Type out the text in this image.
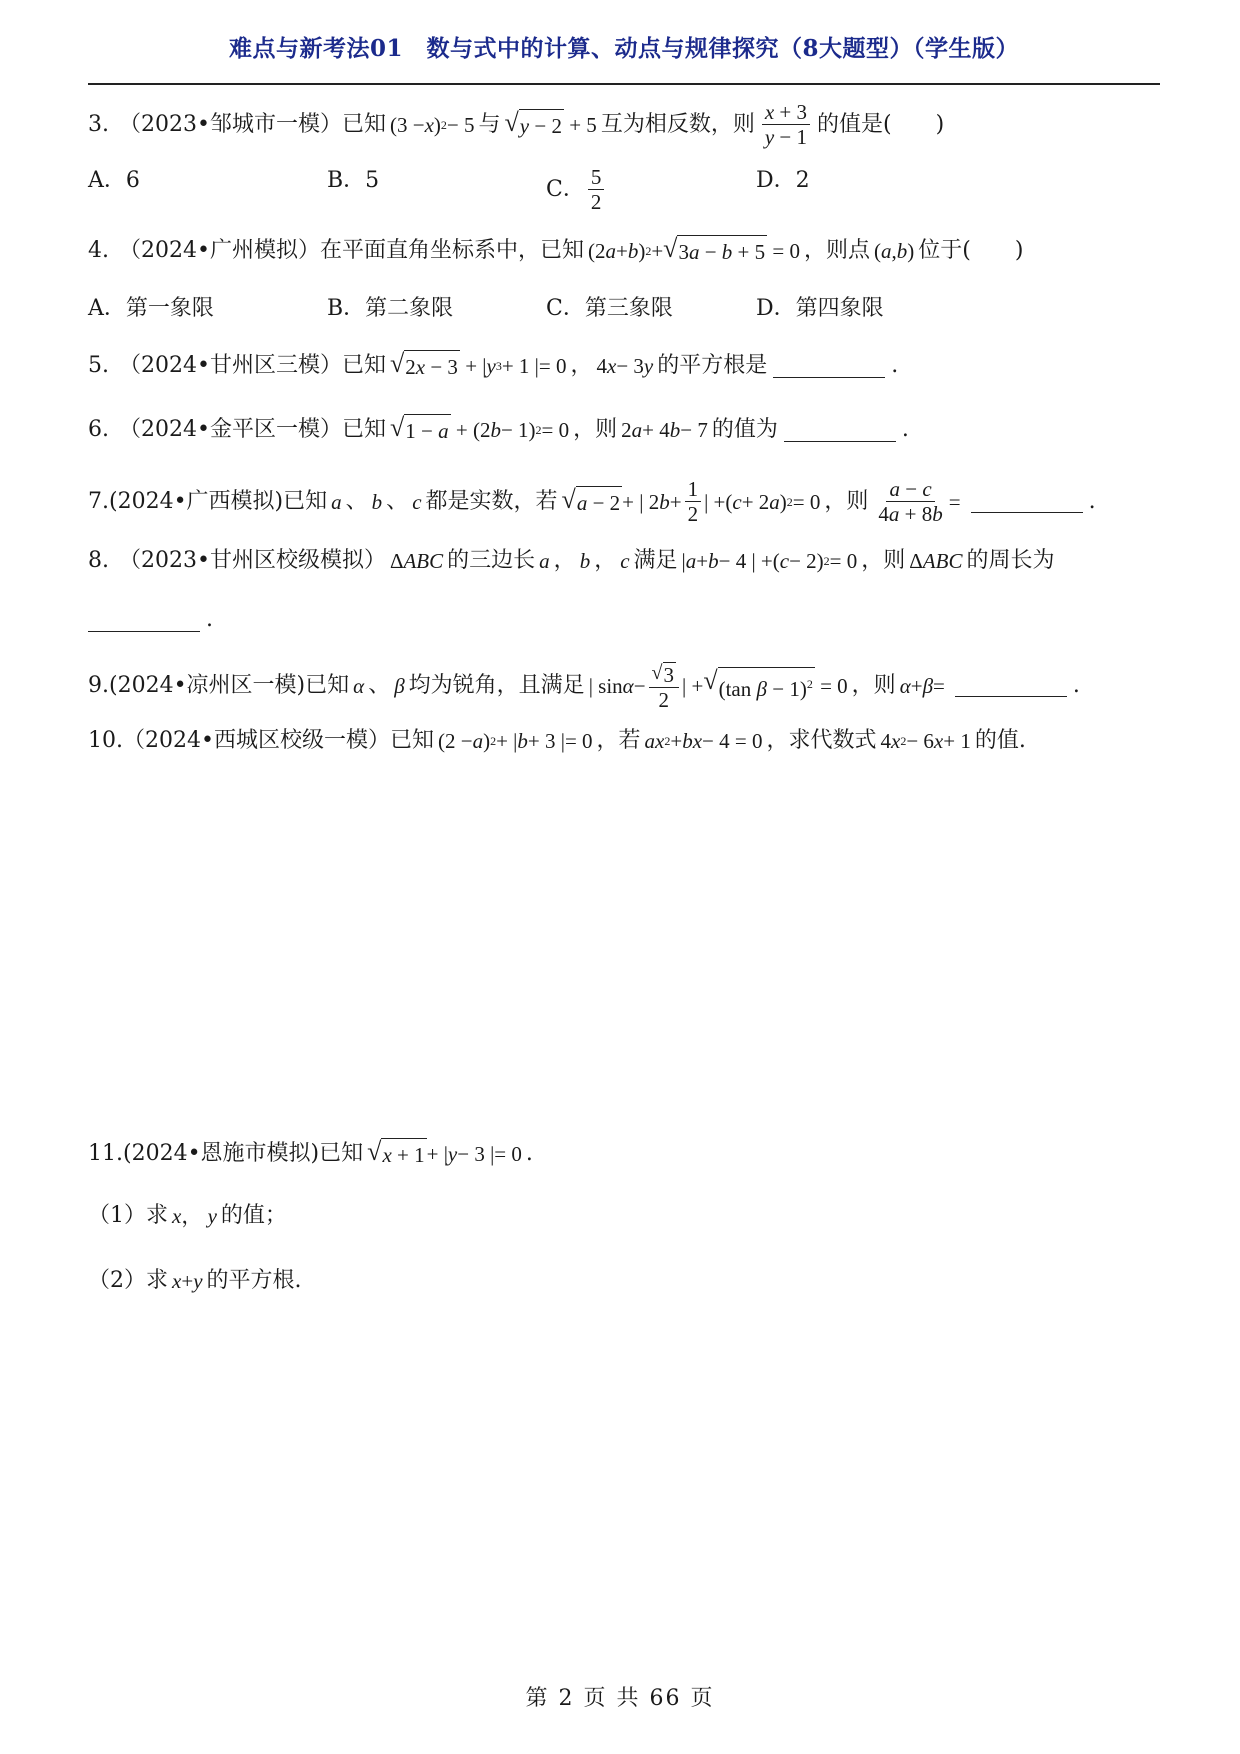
难点与新考法01　数与式中的计算、动点与规律探究（8大题型）（学生版）
3. （2023•邹城市一模） 已知 (3 − x ) 2 − 5 与 √ y − 2 + 5 互为相反数，则 $\frac{x + 3}{y - 1}$ 的值是( )
A．6	B．5	C． $\frac{5}{2}$	D．2
4. （2024•广州模拟） 在平面直角坐标系中，已知 (2 a + b ) 2 + √ 3a − b + 5 = 0 ，则点 ( a , b ) 位于( )
A．第一象限	B．第二象限	C．第三象限	D．第四象限
5. （2024•甘州区三模） 已知 √ 2x − 3 + | y 3 + 1 |= 0 ， 4 x − 3 y 的平方根是	.
6. （2024•金平区一模） 已知 √ 1 − a + (2 b − 1) 2 = 0 ，则 2 a + 4 b − 7 的值为	.
7. (2024•广西模拟) 已知 a 、 b 、 c 都是实数，若 √ a − 2 + | 2 $b + \frac{1}{2}$ | +( c + 2 a ) 2 = 0 ，则 $\frac{a - c}{4a + 8b}$ =	.
8. （2023•甘州区校级模拟） Δ ABC 的三边长 a ， b ， c 满足 | a + b − 4 | +( c − 2) 2 = 0 ，则 Δ ABC 的周长为
.
9. (2024•凉州区一模) 已知 α 、 β 均为锐角，且满足 | $\sin \alpha - \frac{√ 3}{2}$ | + √ (tan β − 1)$^2$ = 0 ，则 α + β =	.
10. （2024•西城区校级一模） 已知 (2 − a ) 2 + | b + 3 |= 0 ，若 ax 2 + bx − 4 = 0 ，求代数式 4 x 2 − 6 x + 1 的值.
11. (2024•恩施市模拟) 已知 √ x + 1 + | y − 3 |= 0 .
（1） 求 x ， y 的值；
（2） 求 x + y 的平方根.
第 2 页 共 66 页
